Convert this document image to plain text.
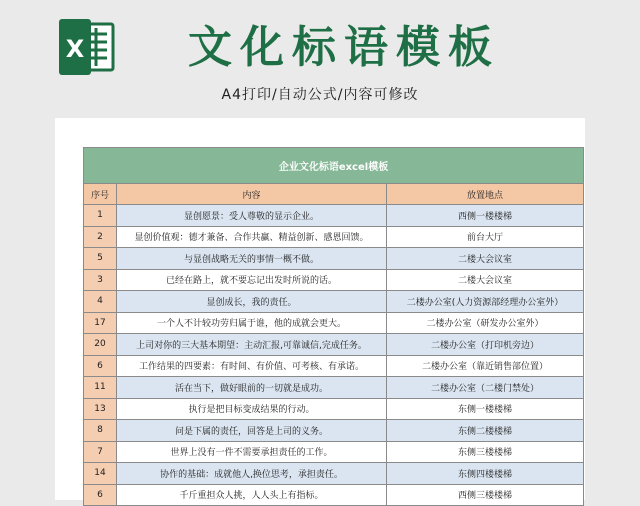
X	文化标语模板
A4打印/自动公式/内容可修改
企业文化标语excel模板		
序号	内容	放置地点
1	显创愿景：受人尊敬的显示企业。	西侧一楼楼梯
2	显创价值观：德才兼备、合作共赢、精益创新、感恩回馈。	前台大厅
5	与显创战略无关的事情一概不做。	二楼大会议室
3	已经在路上，就不要忘记出发时所说的话。	二楼大会议室
4	显创成长，我的责任。	二楼办公室(人力资源部经理办公室外）
17	一个人不计较功劳归属于谁，他的成就会更大。	二楼办公室（研发办公室外）
20	上司对你的三大基本期望：主动汇报,可靠诚信,完成任务。	二楼办公室（打印机旁边）
6	工作结果的四要素：有时间、有价值、可考核、有承诺。	二楼办公室（靠近销售部位置）
11	活在当下，做好眼前的一切就是成功。	二楼办公室（二楼门禁处）
13	执行是把目标变成结果的行动。	东侧一楼楼梯
8	问是下属的责任，回答是上司的义务。	东侧二楼楼梯
7	世界上没有一件不需要承担责任的工作。	东侧三楼楼梯
14	协作的基础：成就他人,换位思考，承担责任。	东侧四楼楼梯
6	千斤重担众人挑，人人头上有指标。	西侧三楼楼梯
